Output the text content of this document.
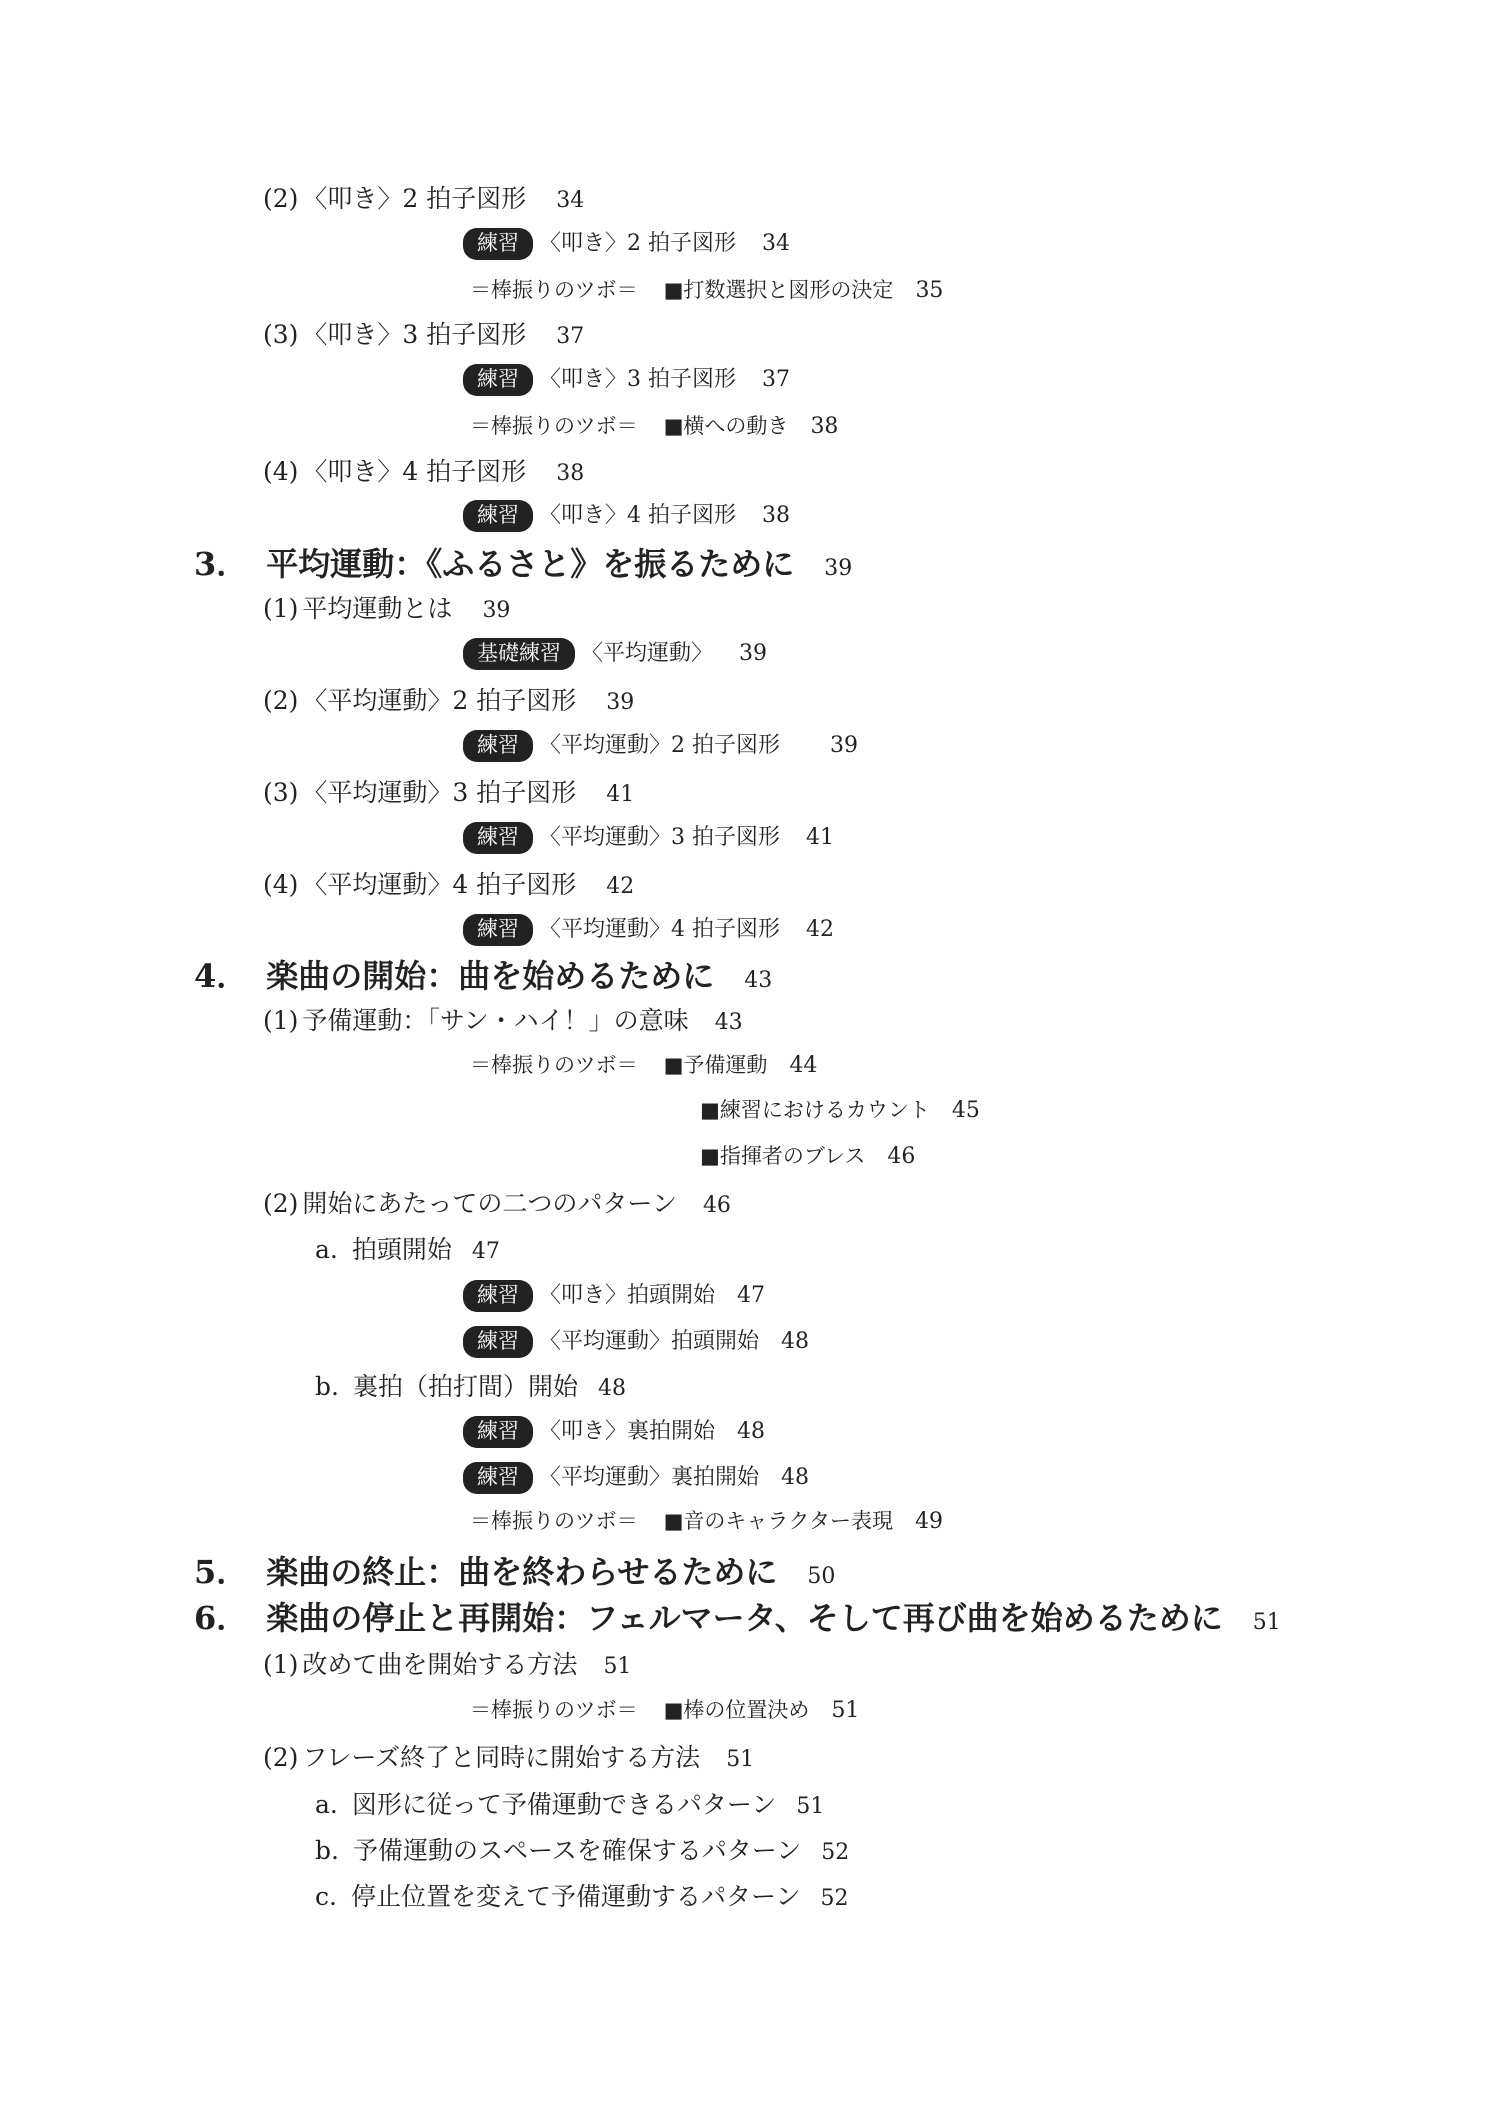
(2) 〈叩き〉2 拍子図形 34
練習 〈叩き〉2 拍子図形 34
＝棒振りのツボ＝ ■打数選択と図形の決定 35
(3) 〈叩き〉3 拍子図形 37
練習 〈叩き〉3 拍子図形 37
＝棒振りのツボ＝ ■横への動き 38
(4) 〈叩き〉4 拍子図形 38
練習 〈叩き〉4 拍子図形 38
3． 平均運動：《ふるさと》を振るために 39
(1) 平均運動とは 39
基礎練習 〈平均運動〉 39
(2) 〈平均運動〉2 拍子図形 39
練習 〈平均運動〉2 拍子図形 39
(3) 〈平均運動〉3 拍子図形 41
練習 〈平均運動〉3 拍子図形 41
(4) 〈平均運動〉4 拍子図形 42
練習 〈平均運動〉4 拍子図形 42
4． 楽曲の開始：曲を始めるために 43
(1) 予備運動：「サン・ハイ！」の意味 43
＝棒振りのツボ＝ ■予備運動 44
■練習におけるカウント 45
■指揮者のブレス 46
(2) 開始にあたっての二つのパターン 46
a. 拍頭開始 47
練習 〈叩き〉拍頭開始 47
練習 〈平均運動〉拍頭開始 48
b. 裏拍（拍打間）開始 48
練習 〈叩き〉裏拍開始 48
練習 〈平均運動〉裏拍開始 48
＝棒振りのツボ＝ ■音のキャラクター表現 49
5． 楽曲の終止：曲を終わらせるために 50
6． 楽曲の停止と再開始：フェルマータ、そして再び曲を始めるために 51
(1) 改めて曲を開始する方法 51
＝棒振りのツボ＝ ■棒の位置決め 51
(2) フレーズ終了と同時に開始する方法 51
a. 図形に従って予備運動できるパターン 51
b. 予備運動のスペースを確保するパターン 52
c. 停止位置を変えて予備運動するパターン 52
